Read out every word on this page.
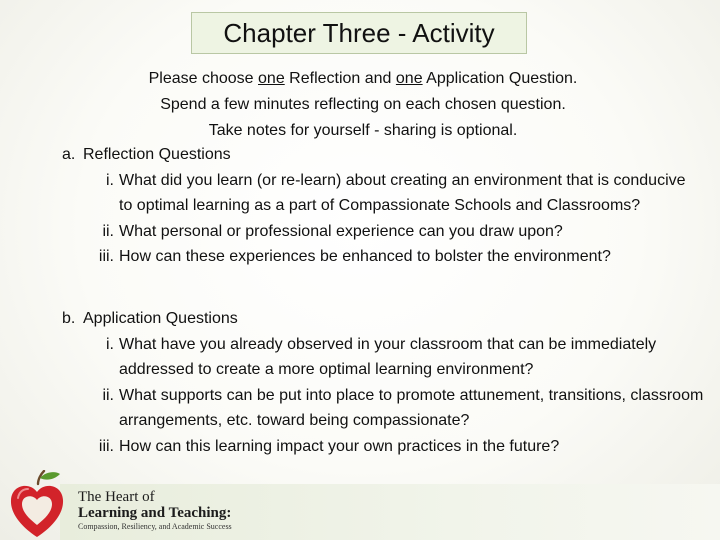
Chapter Three - Activity

Please choose one Reflection and one Application Question.

Spend a few minutes reflecting on each chosen question.

Take notes for yourself - sharing is optional.

a. Reflection Questions

i. What did you learn (or re-learn) about creating an environment that is conducive to optimal learning as a part of Compassionate Schools and Classrooms?
ii. What personal or professional experience can you draw upon?
iii. How can these experiences be enhanced to bolster the environment?

b. Application Questions

i. What have you already observed in your classroom that can be immediately addressed to create a more optimal learning environment?
ii. What supports can be put into place to promote attunement, transitions, classroom arrangements, etc. toward being compassionate?
iii. How can this learning impact your own practices in the future?
The Heart of
Learning and Teaching:
Compassion, Resiliency, and Academic Success
